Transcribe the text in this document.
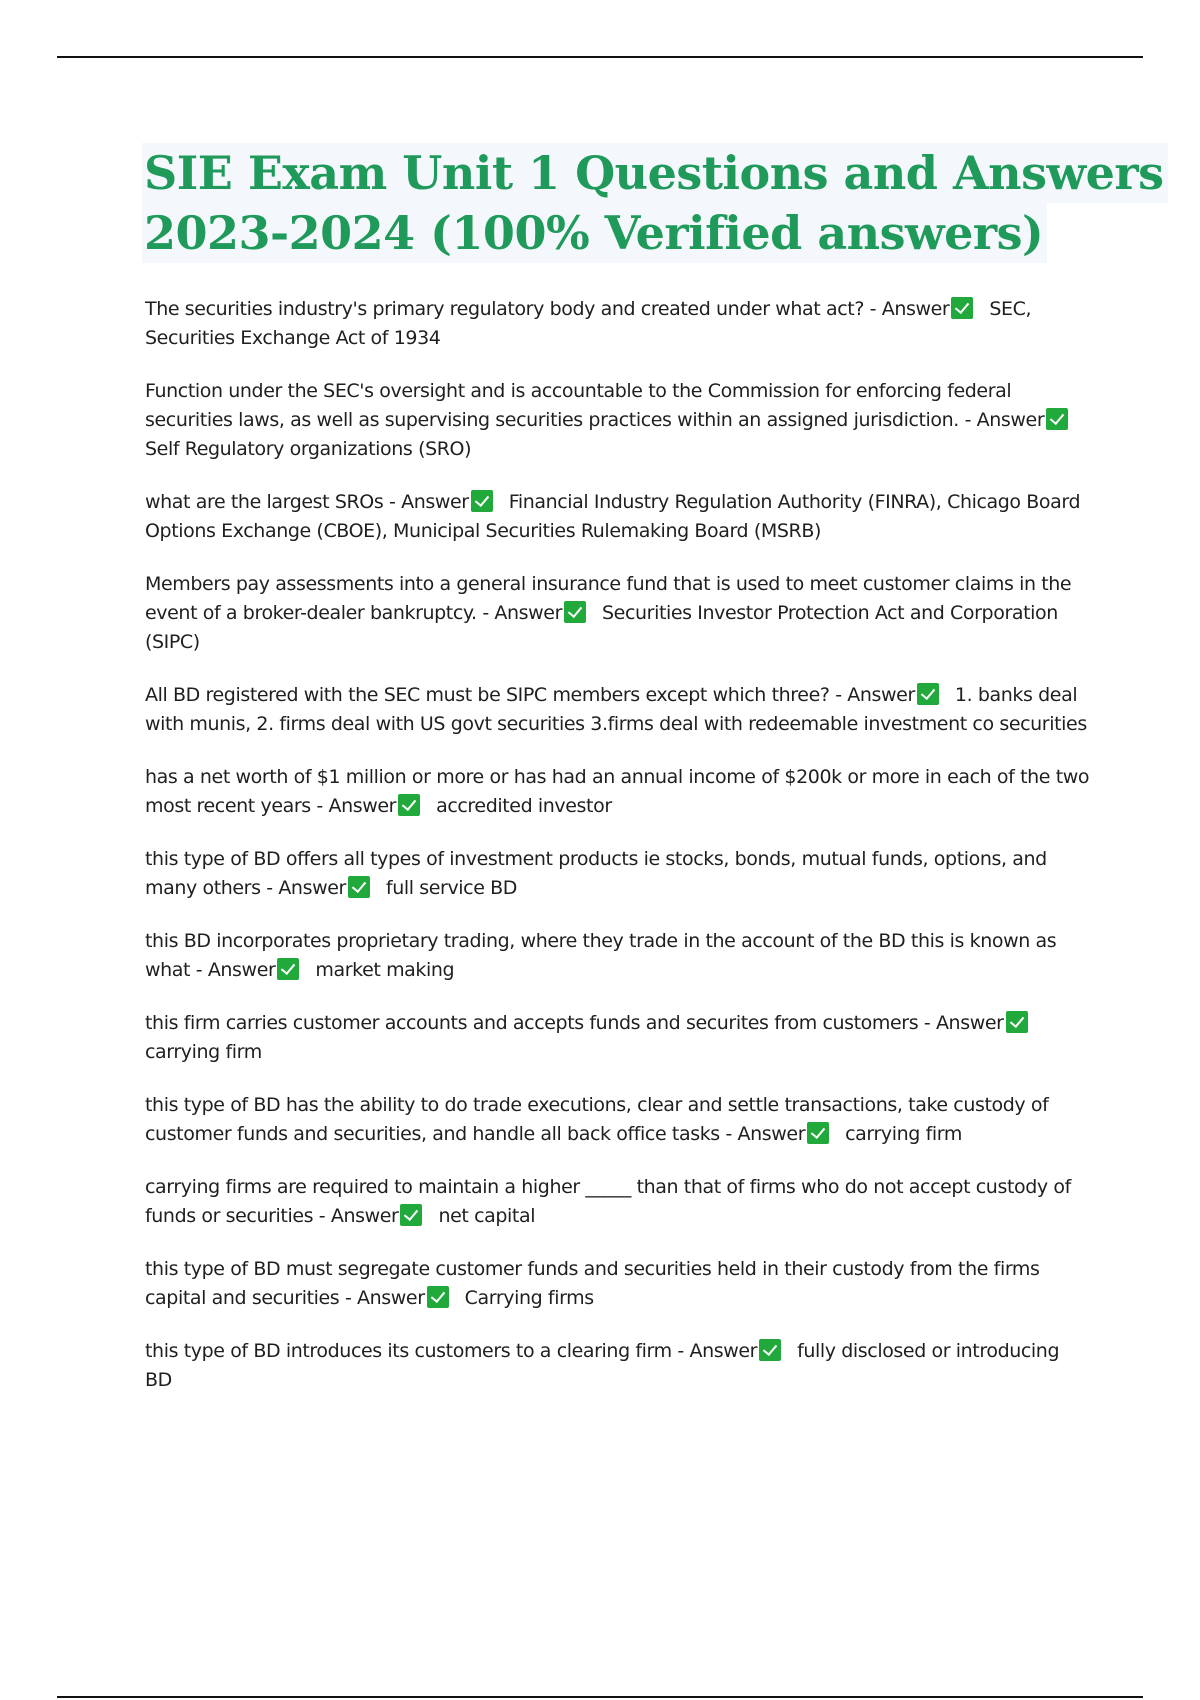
SIE Exam Unit 1 Questions and Answers
2023-2024 (100% Verified answers)

The securities industry's primary regulatory body and created under what act? - Answer SEC, Securities Exchange Act of 1934

Function under the SEC's oversight and is accountable to the Commission for enforcing federal securities laws, as well as supervising securities practices within an assigned jurisdiction. - AnswerSelf Regulatory organizations (SRO)

what are the largest SROs - Answer Financial Industry Regulation Authority (FINRA), Chicago Board Options Exchange (CBOE), Municipal Securities Rulemaking Board (MSRB)

Members pay assessments into a general insurance fund that is used to meet customer claims in the event of a broker-dealer bankruptcy. - Answer Securities Investor Protection Act and Corporation (SIPC)

All BD registered with the SEC must be SIPC members except which three? - Answer 1. banks deal with munis, 2. firms deal with US govt securities 3.firms deal with redeemable investment co securities

has a net worth of $1 million or more or has had an annual income of $200k or more in each of the two most recent years - Answer accredited investor

this type of BD offers all types of investment products ie stocks, bonds, mutual funds, options, and many others - Answer full service BD

this BD incorporates proprietary trading, where they trade in the account of the BD this is known as what - Answer market making

this firm carries customer accounts and accepts funds and securites from customers - Answercarrying firm

this type of BD has the ability to do trade executions, clear and settle transactions, take custody of customer funds and securities, and handle all back office tasks - Answer carrying firm

carrying firms are required to maintain a higher _____ than that of firms who do not accept custody of funds or securities - Answer net capital

this type of BD must segregate customer funds and securities held in their custody from the firms capital and securities - Answer Carrying firms

this type of BD introduces its customers to a clearing firm - Answer fully disclosed or introducing BD
